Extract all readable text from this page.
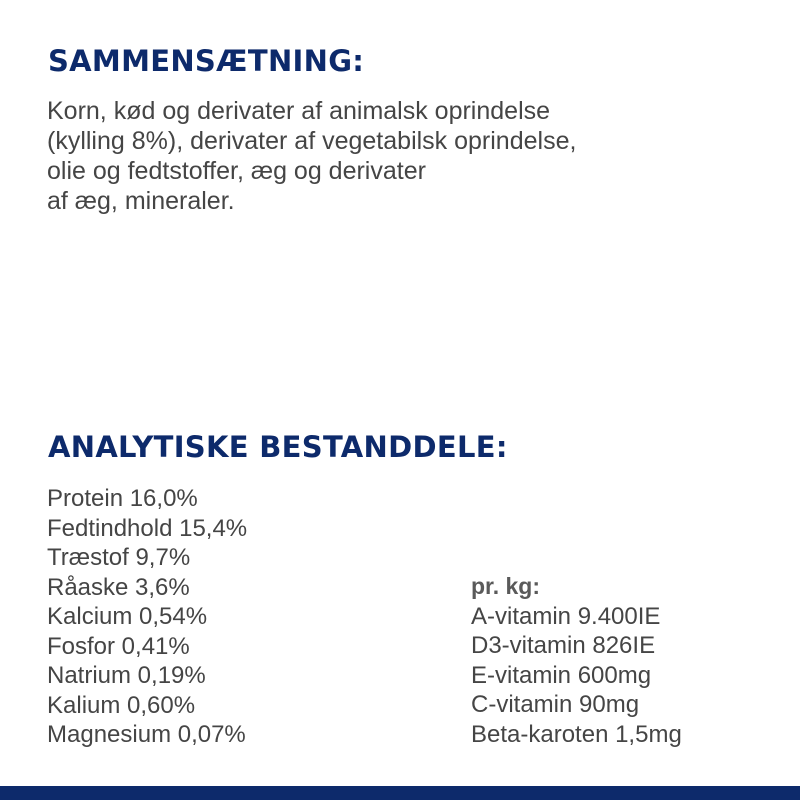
SAMMENSÆTNING:
Korn, kød og derivater af animalsk oprindelse
(kylling 8%), derivater af vegetabilsk oprindelse,
olie og fedtstoffer, æg og derivater
af æg, mineraler.
ANALYTISKE BESTANDDELE:
Protein 16,0%
Fedtindhold 15,4%
Træstof 9,7%
Råaske 3,6%
Kalcium 0,54%
Fosfor 0,41%
Natrium 0,19%
Kalium 0,60%
Magnesium 0,07%
pr. kg:
A-vitamin 9.400IE
D3-vitamin 826IE
E-vitamin 600mg
C-vitamin 90mg
Beta-karoten 1,5mg
